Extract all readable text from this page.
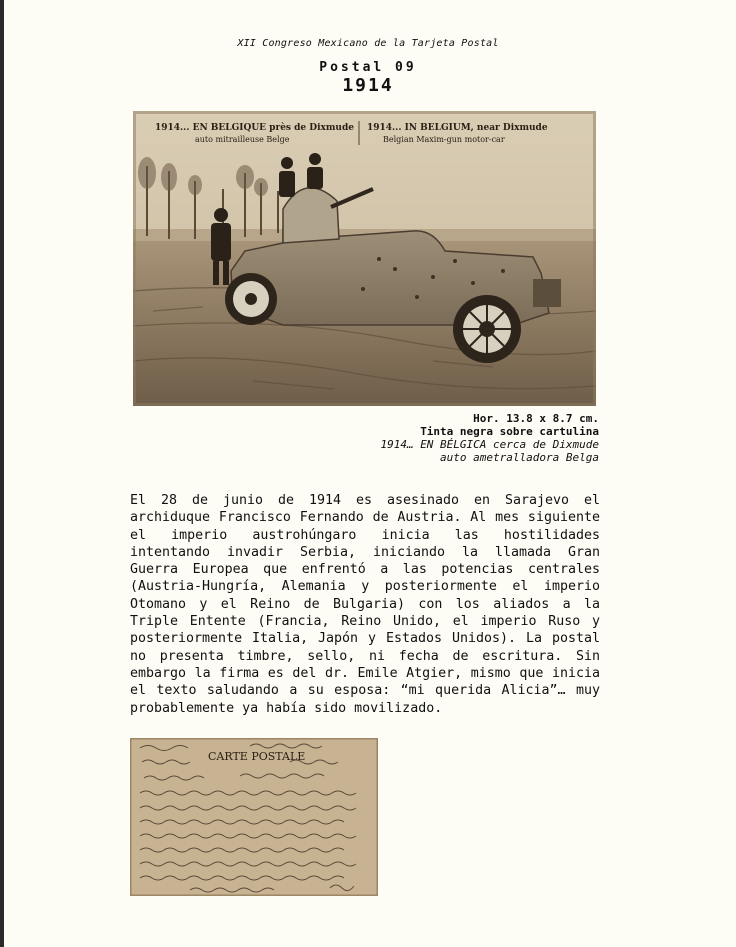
XII Congreso Mexicano de la Tarjeta Postal
Postal 09
1914
1914... EN BELGIQUE près de Dixmude
auto mitrailleuse Belge
1914... IN BELGIUM, near Dixmude
Belgian Maxim-gun motor-car
Hor. 13.8 x 8.7 cm.
Tinta negra sobre cartulina
1914… EN BÉLGICA cerca de Dixmude
auto ametralladora Belga
El 28 de junio de 1914 es asesinado en Sarajevo el archiduque Francisco Fernando de Austria. Al mes siguiente el imperio austrohúngaro inicia las hostilidades intentando invadir Serbia, iniciando la llamada Gran Guerra Europea que enfrentó a las potencias centrales (Austria-Hungría, Alemania y posteriormente el imperio Otomano y el Reino de Bulgaria) con los aliados a la Triple Entente (Francia, Reino Unido, el imperio Ruso y posteriormente Italia, Japón y Estados Unidos). La postal no presenta timbre, sello, ni fecha de escritura. Sin embargo la firma es del dr. Emile Atgier, mismo que inicia el texto saludando a su esposa: “mi querida Alicia”… muy probablemente ya había sido movilizado.
CARTE POSTALE
